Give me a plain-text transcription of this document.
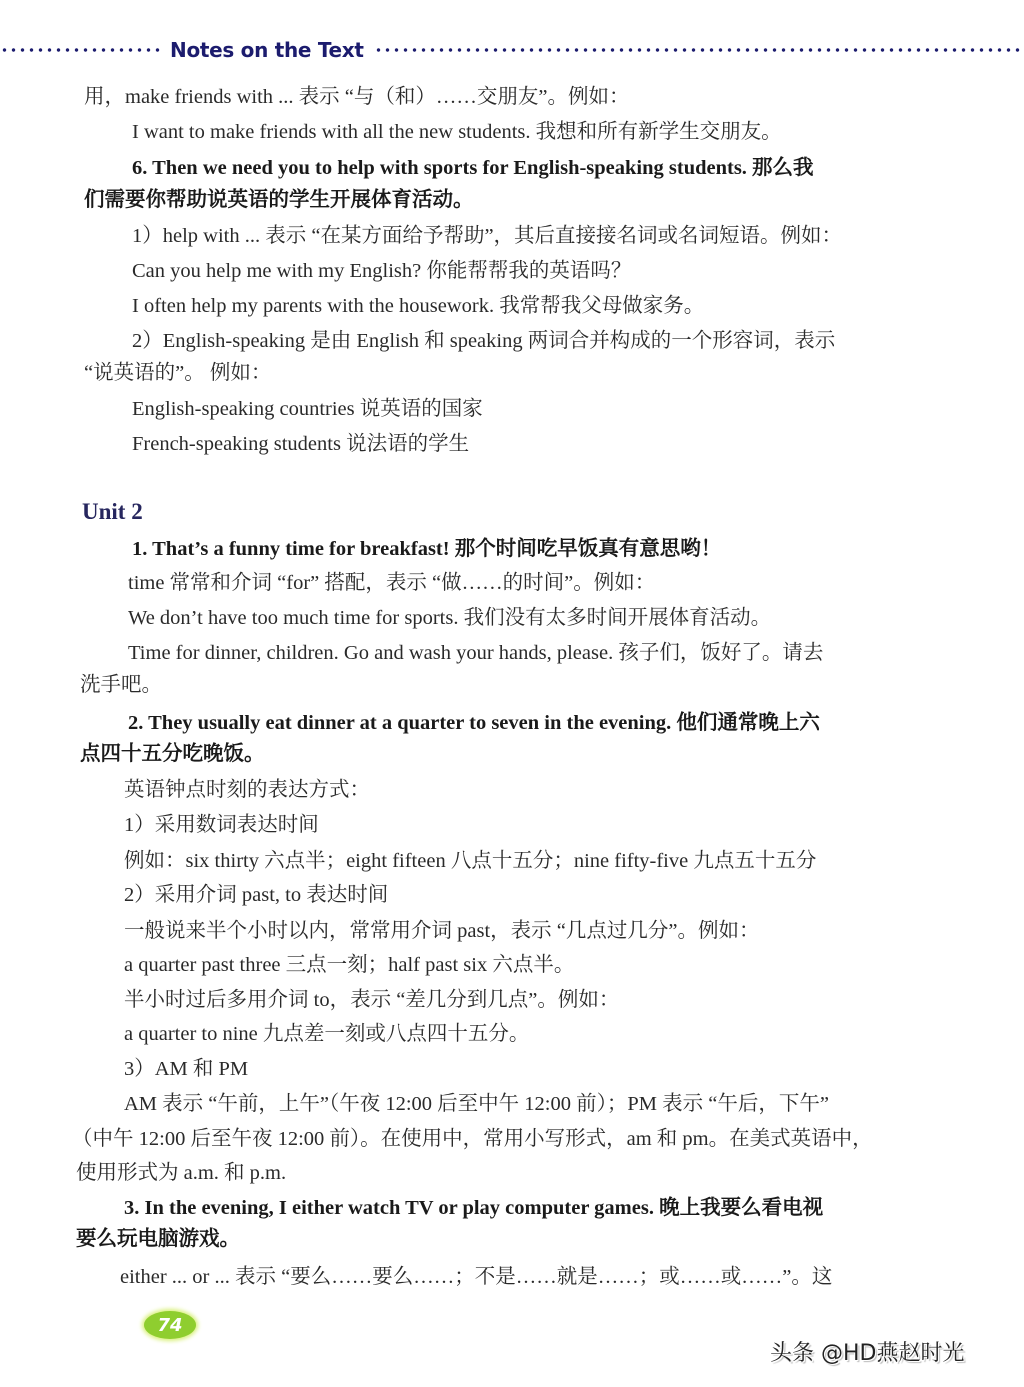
Notes on the Text
用，make friends with ... 表示 “与（和）……交朋友”。例如：
I want to make friends with all the new students. 我想和所有新学生交朋友。
6. Then we need you to help with sports for English-speaking students. 那么我
们需要你帮助说英语的学生开展体育活动。
1）help with ... 表示 “在某方面给予帮助”，其后直接接名词或名词短语。例如：
Can you help me with my English? 你能帮帮我的英语吗？
I often help my parents with the housework. 我常帮我父母做家务。
2）English-speaking 是由 English 和 speaking 两词合并构成的一个形容词，表示
“说英语的”。 例如：
English-speaking countries 说英语的国家
French-speaking students 说法语的学生
Unit 2
1. That’s a funny time for breakfast! 那个时间吃早饭真有意思哟！
time 常常和介词 “for” 搭配，表示 “做……的时间”。例如：
We don’t have too much time for sports. 我们没有太多时间开展体育活动。
Time for dinner, children. Go and wash your hands, please. 孩子们，饭好了。请去
洗手吧。
2. They usually eat dinner at a quarter to seven in the evening. 他们通常晚上六
点四十五分吃晚饭。
英语钟点时刻的表达方式：
1）采用数词表达时间
例如：six thirty 六点半；eight fifteen 八点十五分；nine fifty-five 九点五十五分
2）采用介词 past, to 表达时间
一般说来半个小时以内，常常用介词 past，表示 “几点过几分”。例如：
a quarter past three 三点一刻；half past six 六点半。
半小时过后多用介词 to，表示 “差几分到几点”。例如：
a quarter to nine 九点差一刻或八点四十五分。
3）AM 和 PM
AM 表示 “午前，上午”（午夜 12:00 后至中午 12:00 前）；PM 表示 “午后，下午”
（中午 12:00 后至午夜 12:00 前）。在使用中，常用小写形式，am 和 pm。在美式英语中，
使用形式为 a.m. 和 p.m.
3. In the evening, I either watch TV or play computer games. 晚上我要么看电视
要么玩电脑游戏。
either ... or ... 表示 “要么……要么……；不是……就是……；或……或……”。这
74
头条 @HD燕赵时光
